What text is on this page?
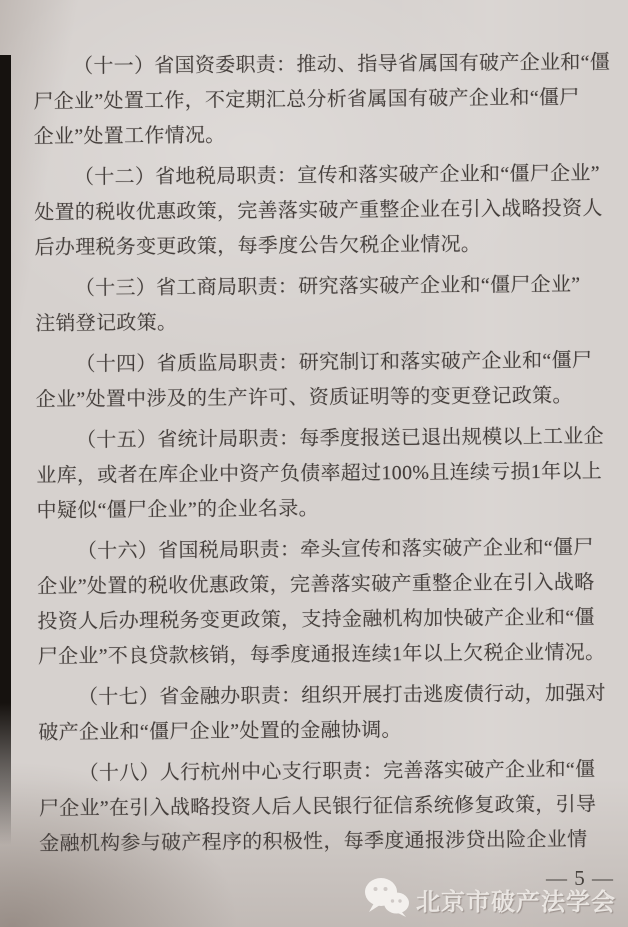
（十一）省国资委职责：推动、指导省属国有破产企业和“僵
尸企业”处置工作，不定期汇总分析省属国有破产企业和“僵尸
企业”处置工作情况。
（十二）省地税局职责：宣传和落实破产企业和“僵尸企业”
处置的税收优惠政策，完善落实破产重整企业在引入战略投资人
后办理税务变更政策，每季度公告欠税企业情况。
（十三）省工商局职责：研究落实破产企业和“僵尸企业”
注销登记政策。
（十四）省质监局职责：研究制订和落实破产企业和“僵尸
企业”处置中涉及的生产许可、资质证明等的变更登记政策。
（十五）省统计局职责：每季度报送已退出规模以上工业企
业库，或者在库企业中资产负债率超过100%且连续亏损1年以上
中疑似“僵尸企业”的企业名录。
（十六）省国税局职责：牵头宣传和落实破产企业和“僵尸
企业”处置的税收优惠政策，完善落实破产重整企业在引入战略
投资人后办理税务变更政策，支持金融机构加快破产企业和“僵
尸企业”不良贷款核销，每季度通报连续1年以上欠税企业情况。
（十七）省金融办职责：组织开展打击逃废债行动，加强对
破产企业和“僵尸企业”处置的金融协调。
（十八）人行杭州中心支行职责：完善落实破产企业和“僵
尸企业”在引入战略投资人后人民银行征信系统修复政策，引导
金融机构参与破产程序的积极性，每季度通报涉贷出险企业情
— 5 —
北京市破产法学会
